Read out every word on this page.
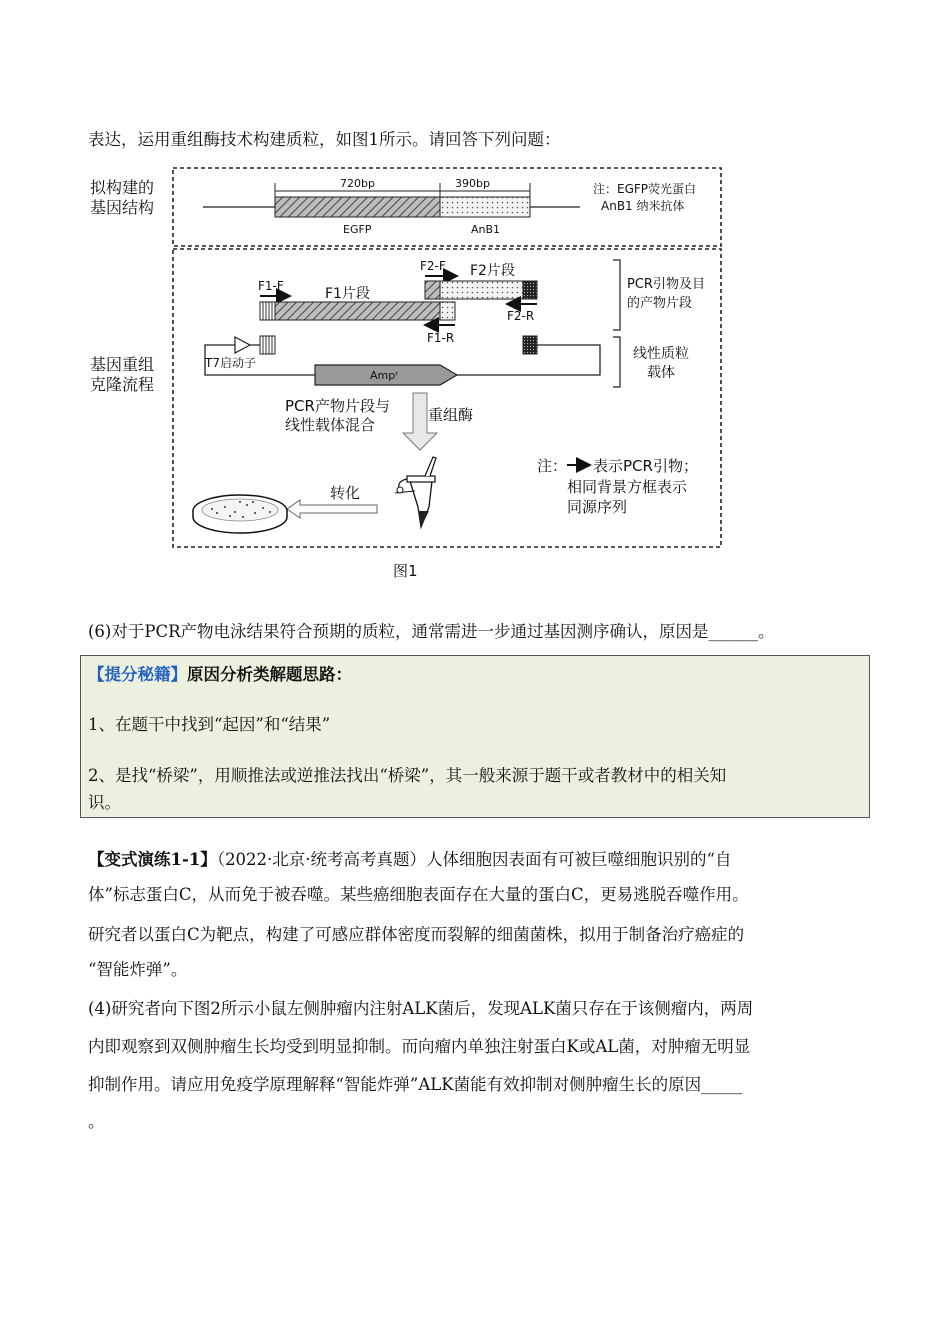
表达，运用重组酶技术构建质粒，如图1所示。请回答下列问题：
拟构建的
基因结构
基因重组
克隆流程
720bp	390bp
EGFP	AnB1
注：EGFP荧光蛋白
AnB1 纳米抗体
F1-F	F1片段
F1-R
F2-F F2片段
F2-R
PCR引物及目
的产物片段
线性质粒
载体
T7启动子
Ampʳ
PCR产物片段与
线性载体混合
重组酶
转化
注： 表示PCR引物；
相同背景方框表示
同源序列
图1
(6)对于PCR产物电泳结果符合预期的质粒，通常需进一步通过基因测序确认，原因是______。
【提分秘籍】原因分析类解题思路：
1、在题干中找到“起因”和“结果”
2、是找“桥梁”，用顺推法或逆推法找出“桥梁”，其一般来源于题干或者教材中的相关知
识。
【变式演练1-1】（2022·北京·统考高考真题）人体细胞因表面有可被巨噬细胞识别的“自
体”标志蛋白C，从而免于被吞噬。某些癌细胞表面存在大量的蛋白C，更易逃脱吞噬作用。
研究者以蛋白C为靶点，构建了可感应群体密度而裂解的细菌菌株，拟用于制备治疗癌症的
“智能炸弹”。
(4)研究者向下图2所示小鼠左侧肿瘤内注射ALK菌后，发现ALK菌只存在于该侧瘤内，两周
内即观察到双侧肿瘤生长均受到明显抑制。而向瘤内单独注射蛋白K或AL菌，对肿瘤无明显
抑制作用。请应用免疫学原理解释“智能炸弹”ALK菌能有效抑制对侧肿瘤生长的原因_____
。
